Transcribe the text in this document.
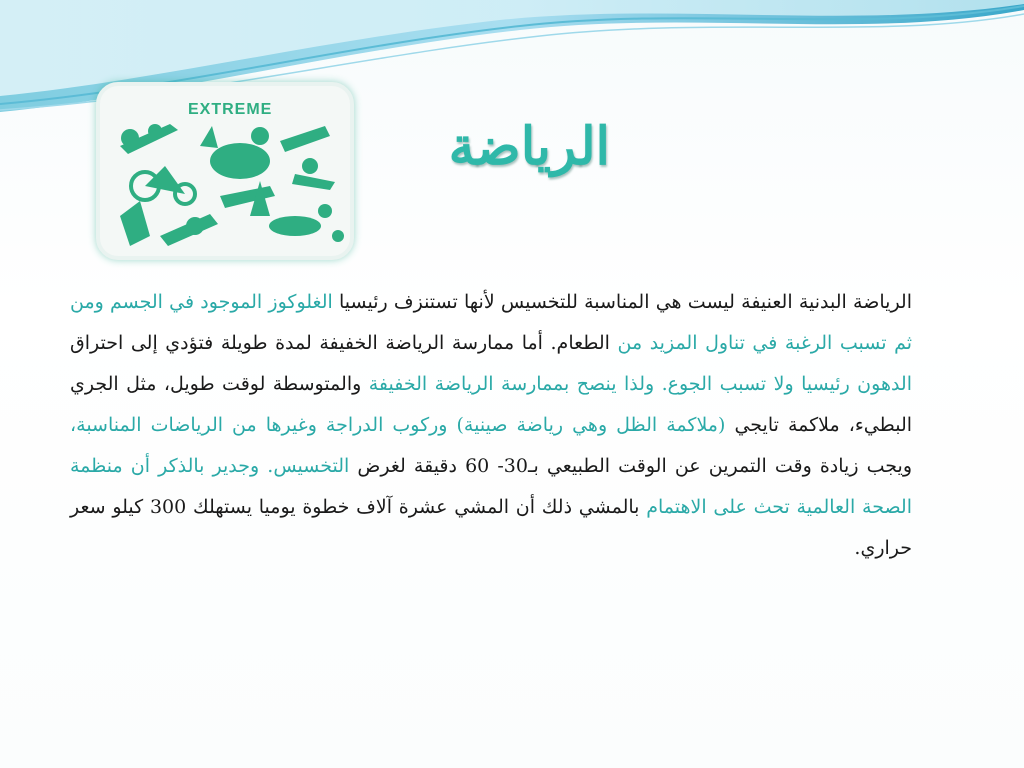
EXTREME
الرياضة
الرياضة البدنية العنيفة ليست هي المناسبة للتخسيس لأنها تستنزف رئيسيا الغلوكوز الموجود في الجسم ومن ثم تسبب الرغبة في تناول المزيد من الطعام. أما ممارسة الرياضة الخفيفة لمدة طويلة فتؤدي إلى احتراق الدهون رئيسيا ولا تسبب الجوع. ولذا ينصح بممارسة الرياضة الخفيفة والمتوسطة لوقت طويل، مثل الجري البطيء، ملاكمة تايجي (ملاكمة الظل وهي رياضة صينية) وركوب الدراجة وغيرها من الرياضات المناسبة، ويجب زيادة وقت التمرين عن الوقت الطبيعي بـ30- 60 دقيقة لغرض التخسيس. وجدير بالذكر أن منظمة الصحة العالمية تحث على الاهتمام بالمشي ذلك أن المشي عشرة آلاف خطوة يوميا يستهلك 300 كيلو سعر حراري.
